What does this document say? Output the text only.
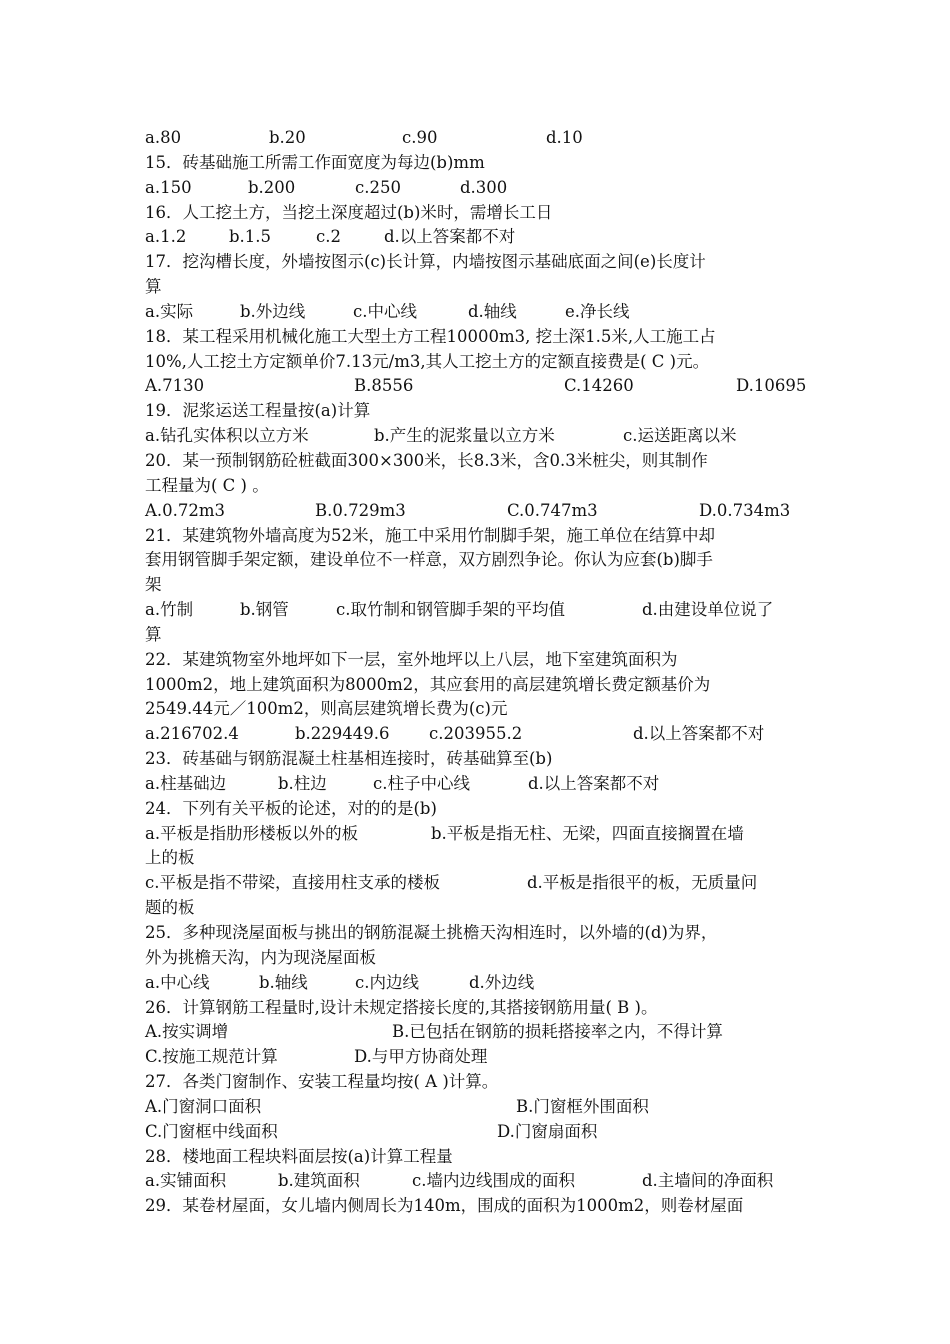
a.80	b.20	c.90	d.10
15．砖基础施工所需工作面宽度为每边(b)mm
a.150	b.200	c.250	d.300
16．人工挖土方，当挖土深度超过(b)米时，需增长工日
a.1.2	b.1.5	c.2	d.以上答案都不对
17．挖沟槽长度，外墙按图示(c)长计算，内墙按图示基础底面之间(e)长度计
算
a.实际	b.外边线	c.中心线	d.轴线	e.净长线
18．某工程采用机械化施工大型土方工程10000m3, 挖土深1.5米,人工施工占
10%,人工挖土方定额单价7.13元/m3,其人工挖土方的定额直接费是( C )元。
A.7130	B.8556	C.14260	D.10695
19．泥浆运送工程量按(a)计算
a.钻孔实体积以立方米	b.产生的泥浆量以立方米	c.运送距离以米
20．某一预制钢筋砼桩截面300×300米，长8.3米，含0.3米桩尖，则其制作
工程量为( C ) 。
A.0.72m3	B.0.729m3	C.0.747m3	D.0.734m3
21．某建筑物外墙高度为52米，施工中采用竹制脚手架，施工单位在结算中却
套用钢管脚手架定额，建设单位不一样意，双方剧烈争论。你认为应套(b)脚手
架
a.竹制	b.钢管	c.取竹制和钢管脚手架的平均值	d.由建设单位说了
算
22．某建筑物室外地坪如下一层，室外地坪以上八层，地下室建筑面积为
1000m2，地上建筑面积为8000m2，其应套用的高层建筑增长费定额基价为
2549.44元／100m2，则高层建筑增长费为(c)元
a.216702.4	b.229449.6 c.203955.2	d.以上答案都不对
23．砖基础与钢筋混凝土柱基相连接时，砖基础算至(b)
a.柱基础边	b.柱边	c.柱子中心线	d.以上答案都不对
24．下列有关平板的论述，对的的是(b)
a.平板是指肋形楼板以外的板	b.平板是指无柱、无梁，四面直接搁置在墙
上的板
c.平板是指不带梁，直接用柱支承的楼板	d.平板是指很平的板，无质量问
题的板
25．多种现浇屋面板与挑出的钢筋混凝土挑檐天沟相连时，以外墙的(d)为界，
外为挑檐天沟，内为现浇屋面板
a.中心线	b.轴线	c.内边线	d.外边线
26．计算钢筋工程量时,设计未规定搭接长度的,其搭接钢筋用量( B )。
A.按实调增	B.已包括在钢筋的损耗搭接率之内，不得计算
C.按施工规范计算	D.与甲方协商处理
27．各类门窗制作、安装工程量均按( A )计算。
A.门窗洞口面积	B.门窗框外围面积
C.门窗框中线面积	D.门窗扇面积
28．楼地面工程块料面层按(a)计算工程量
a.实铺面积	b.建筑面积	c.墙内边线围成的面积	d.主墙间的净面积
29．某卷材屋面，女儿墙内侧周长为140m，围成的面积为1000m2，则卷材屋面
